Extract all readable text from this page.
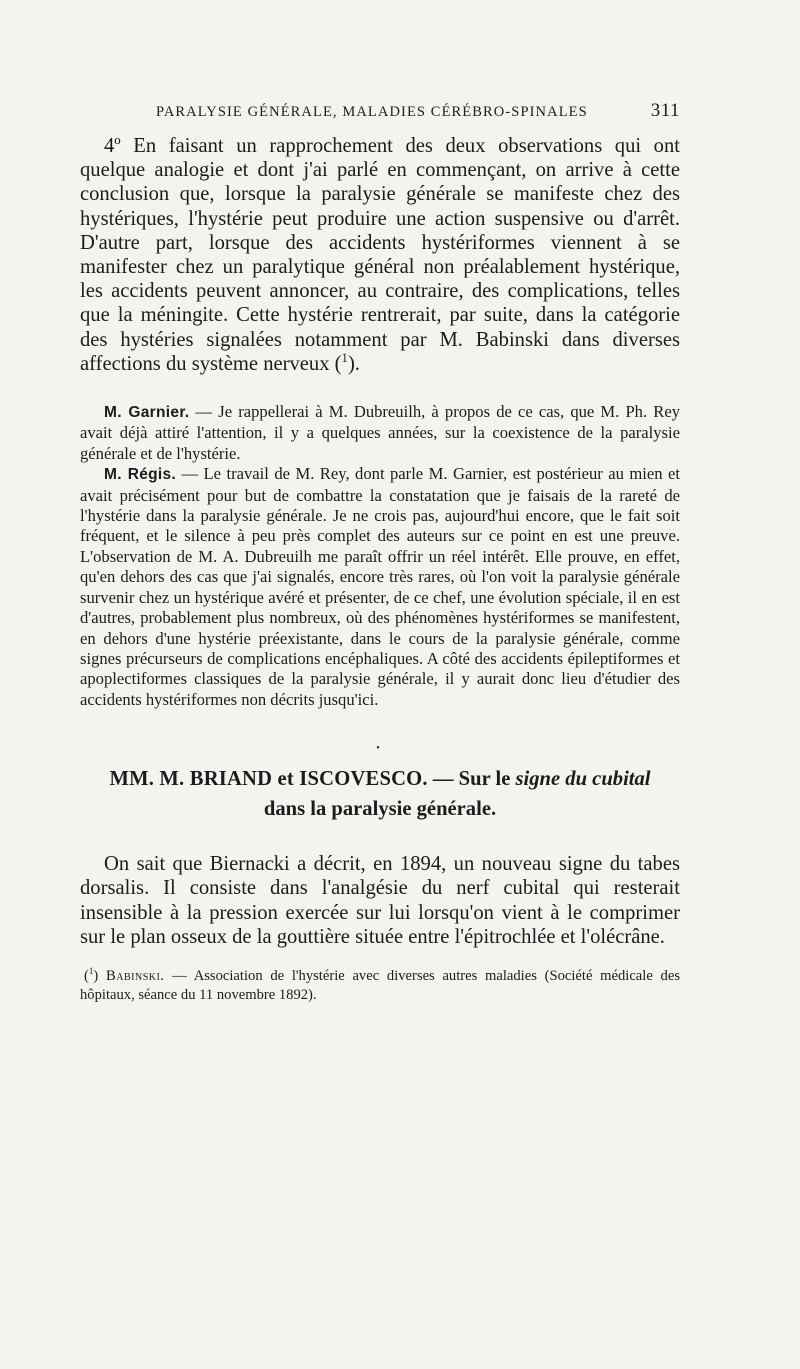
PARALYSIE GÉNÉRALE, MALADIES CÉRÉBRO-SPINALES	311

4º En faisant un rapprochement des deux observations qui ont quelque analogie et dont j'ai parlé en commençant, on arrive à cette conclusion que, lorsque la paralysie générale se manifeste chez des hystériques, l'hystérie peut produire une action suspensive ou d'arrêt. D'autre part, lorsque des accidents hystériformes viennent à se manifester chez un paralytique général non préalablement hystérique, les accidents peuvent annoncer, au contraire, des complications, telles que la méningite. Cette hystérie rentrerait, par suite, dans la catégorie des hystéries signalées notamment par M. Babinski dans diverses affections du système nerveux ($^1$).

M. Garnier. — Je rappellerai à M. Dubreuilh, à propos de ce cas, que M. Ph. Rey avait déjà attiré l'attention, il y a quelques années, sur la coexistence de la paralysie générale et de l'hystérie.

M. Régis. — Le travail de M. Rey, dont parle M. Garnier, est postérieur au mien et avait précisément pour but de combattre la constatation que je faisais de la rareté de l'hystérie dans la paralysie générale. Je ne crois pas, aujourd'hui encore, que le fait soit fréquent, et le silence à peu près complet des auteurs sur ce point en est une preuve. L'observation de M. A. Dubreuilh me paraît offrir un réel intérêt. Elle prouve, en effet, qu'en dehors des cas que j'ai signalés, encore très rares, où l'on voit la paralysie générale survenir chez un hystérique avéré et présenter, de ce chef, une évolution spéciale, il en est d'autres, probablement plus nombreux, où des phénomènes hystériformes se manifestent, en dehors d'une hystérie préexistante, dans le cours de la paralysie générale, comme signes précurseurs de complications encéphaliques. A côté des accidents épileptiformes et apoplectiformes classiques de la paralysie générale, il y aurait donc lieu d'étudier des accidents hystériformes non décrits jusqu'ici.

•
MM. M. BRIAND et ISCOVESCO. — Sur le signe du cubital
dans la paralysie générale.

On sait que Biernacki a décrit, en 1894, un nouveau signe du tabes dorsalis. Il consiste dans l'analgésie du nerf cubital qui resterait insensible à la pression exercée sur lui lorsqu'on vient à le comprimer sur le plan osseux de la gouttière située entre l'épitrochlée et l'olécrâne.

($^1$) Babinski. — Association de l'hystérie avec diverses autres maladies (Société médicale des hôpitaux, séance du 11 novembre 1892).
